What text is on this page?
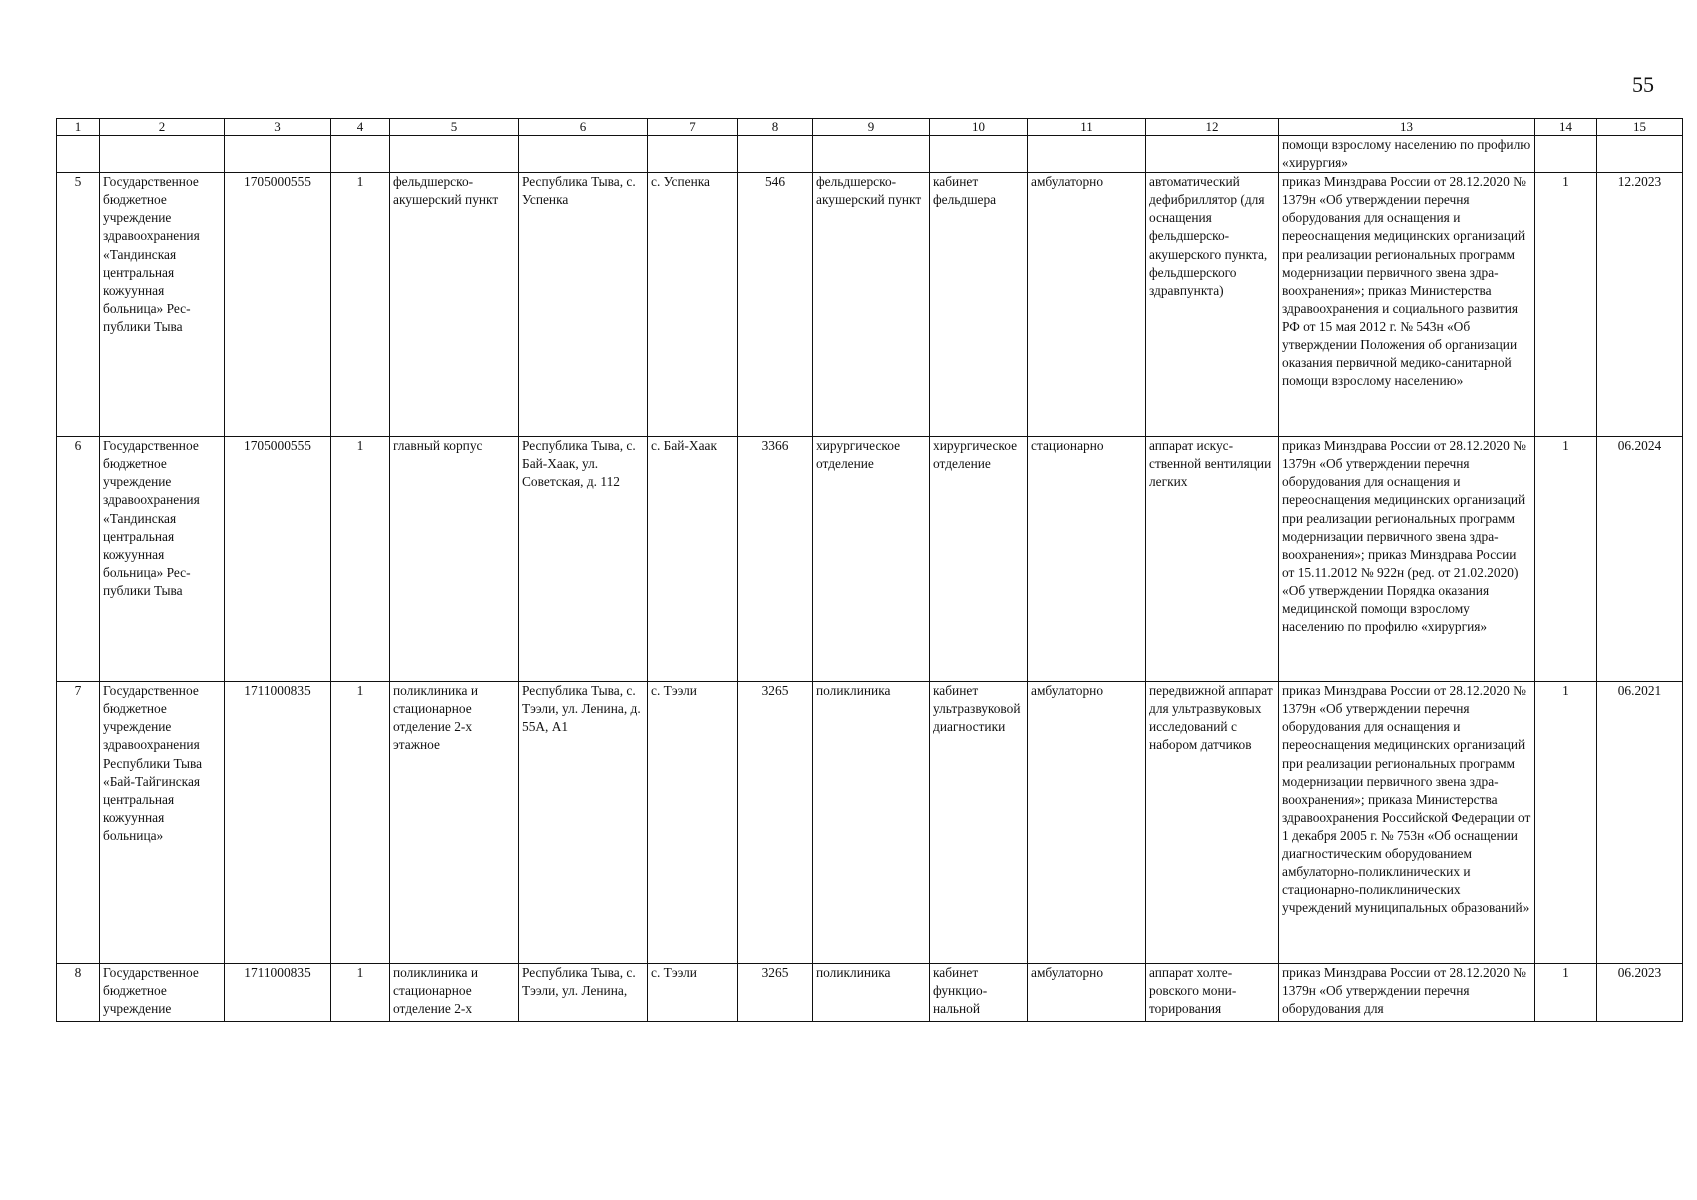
55
1	2	3	4	5	6	7	8	9	10	11	12	13	14	15
												помощи взрослому населению по профилю «хирургия»		
5	Государственное бюджетное учреждение здравоохранения «Тандинская центральная кожуунная больница» Республики Тыва	1705000555	1	фельдшерско-акушерский пункт	Республика Тыва, с. Успенка	с. Успенка	546	фельдшерско-акушерский пункт	кабинет фельдшера	амбулаторно	автоматический дефибриллятор (для оснащения фельдшерско-акушерского пункта, фельдшерского здравпункта)	приказ Минздрава России от 28.12.2020 № 1379н «Об утверждении перечня оборудования для оснащения и переоснащения медицинских организаций при реализации региональных программ модернизации первичного звена здравоохранения»; приказ Министерства здравоохранения и социального развития РФ от 15 мая 2012 г. № 543н «Об утверждении Положения об организации оказания первичной медико-санитарной помощи взрослому населению»	1	12.2023
6	Государственное бюджетное учреждение здравоохранения «Тандинская центральная кожуунная больница» Республики Тыва	1705000555	1	главный корпус	Республика Тыва, с. Бай-Хаак, ул. Советская, д. 112	с. Бай-Хаак	3366	хирургическое отделение	хирургическое отделение	стационарно	аппарат искусственной вентиляции легких	приказ Минздрава России от 28.12.2020 № 1379н «Об утверждении перечня оборудования для оснащения и переоснащения медицинских организаций при реализации региональных программ модернизации первичного звена здравоохранения»; приказ Минздрава России от 15.11.2012 № 922н (ред. от 21.02.2020) «Об утверждении Порядка оказания медицинской помощи взрослому населению по профилю «хирургия»	1	06.2024
7	Государственное бюджетное учреждение здравоохранения Республики Тыва «Бай-Тайгинская центральная кожуунная больница»	1711000835	1	поликлиника и стационарное отделение 2-х этажное	Республика Тыва, с. Тээли, ул. Ленина, д. 55А, А1	с. Тээли	3265	поликлиника	кабинет ультразвуковой диагностики	амбулаторно	передвижной аппарат для ультразвуковых исследований с набором датчиков	приказ Минздрава России от 28.12.2020 № 1379н «Об утверждении перечня оборудования для оснащения и переоснащения медицинских организаций при реализации региональных программ модернизации первичного звена здравоохранения»; приказа Министерства здравоохранения Российской Федерации от 1 декабря 2005 г. № 753н «Об оснащении диагностическим оборудованием амбулаторно-поликлинических и стационарно-поликлинических учреждений муниципальных образований»	1	06.2021
8	Государственное бюджетное учреждение	1711000835	1	поликлиника и стационарное отделение 2-х	Республика Тыва, с. Тээли, ул. Ленина,	с. Тээли	3265	поликлиника	кабинет функциональной	амбулаторно	аппарат холтеровского мониторирования	приказ Минздрава России от 28.12.2020 № 1379н «Об утверждении перечня оборудования для	1	06.2023
